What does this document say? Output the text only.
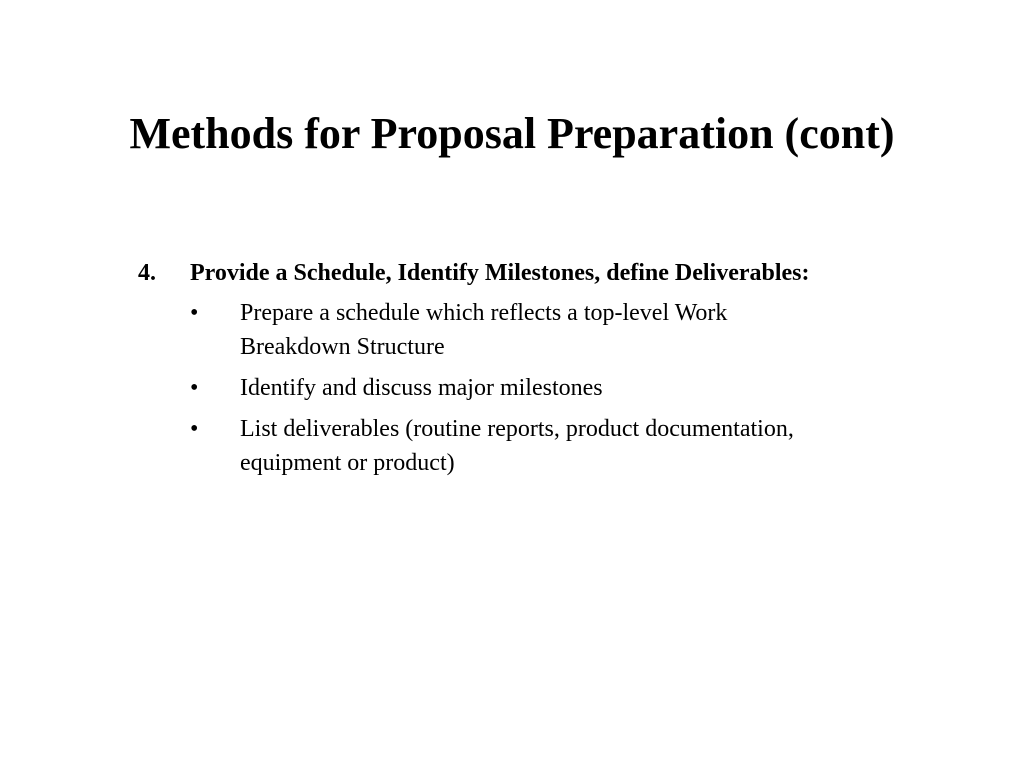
Methods for Proposal Preparation (cont)
4. Provide a Schedule, Identify Milestones, define Deliverables:
• Prepare a schedule which reflects a top-level Work Breakdown Structure
• Identify and discuss major milestones
• List deliverables (routine reports, product documentation, equipment or product)
